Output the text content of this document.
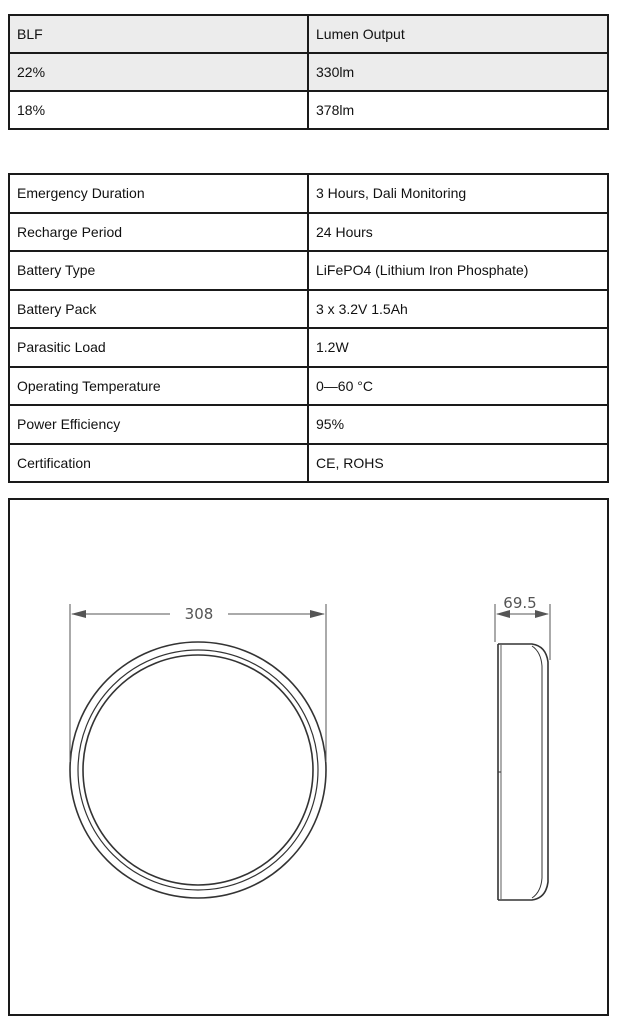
BLF	Lumen Output
22%	330lm
18%	378lm
Emergency Duration	3 Hours, Dali Monitoring
Recharge Period	24 Hours
Battery Type	LiFePO4 (Lithium Iron Phosphate)
Battery Pack	3 x 3.2V 1.5Ah
Parasitic Load	1.2W
Operating Temperature	0—60 °C
Power Efficiency	95%
Certification	CE, ROHS
308
69.5
